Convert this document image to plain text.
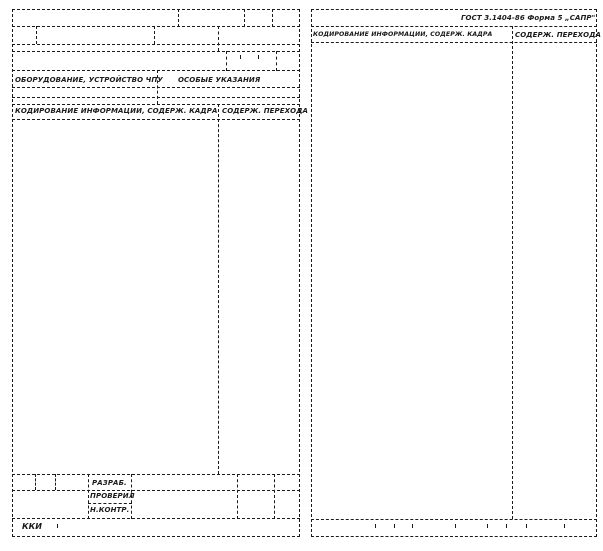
ОБОРУДОВАНИЕ, УСТРОЙСТВО ЧПУ ОСОБЫЕ УКАЗАНИЯ
КОДИРОВАНИЕ ИНФОРМАЦИИ, СОДЕРЖ. КАДРА СОДЕРЖ. ПЕРЕХОДА
РАЗРАБ.
ПРОВЕРИЛ
Н.КОНТР.
ККИ
ГОСТ 3.1404-86 Форма 5 „САПР"
КОДИРОВАНИЕ ИНФОРМАЦИИ, СОДЕРЖ. КАДРА	СОДЕРЖ. ПЕРЕХОДА
